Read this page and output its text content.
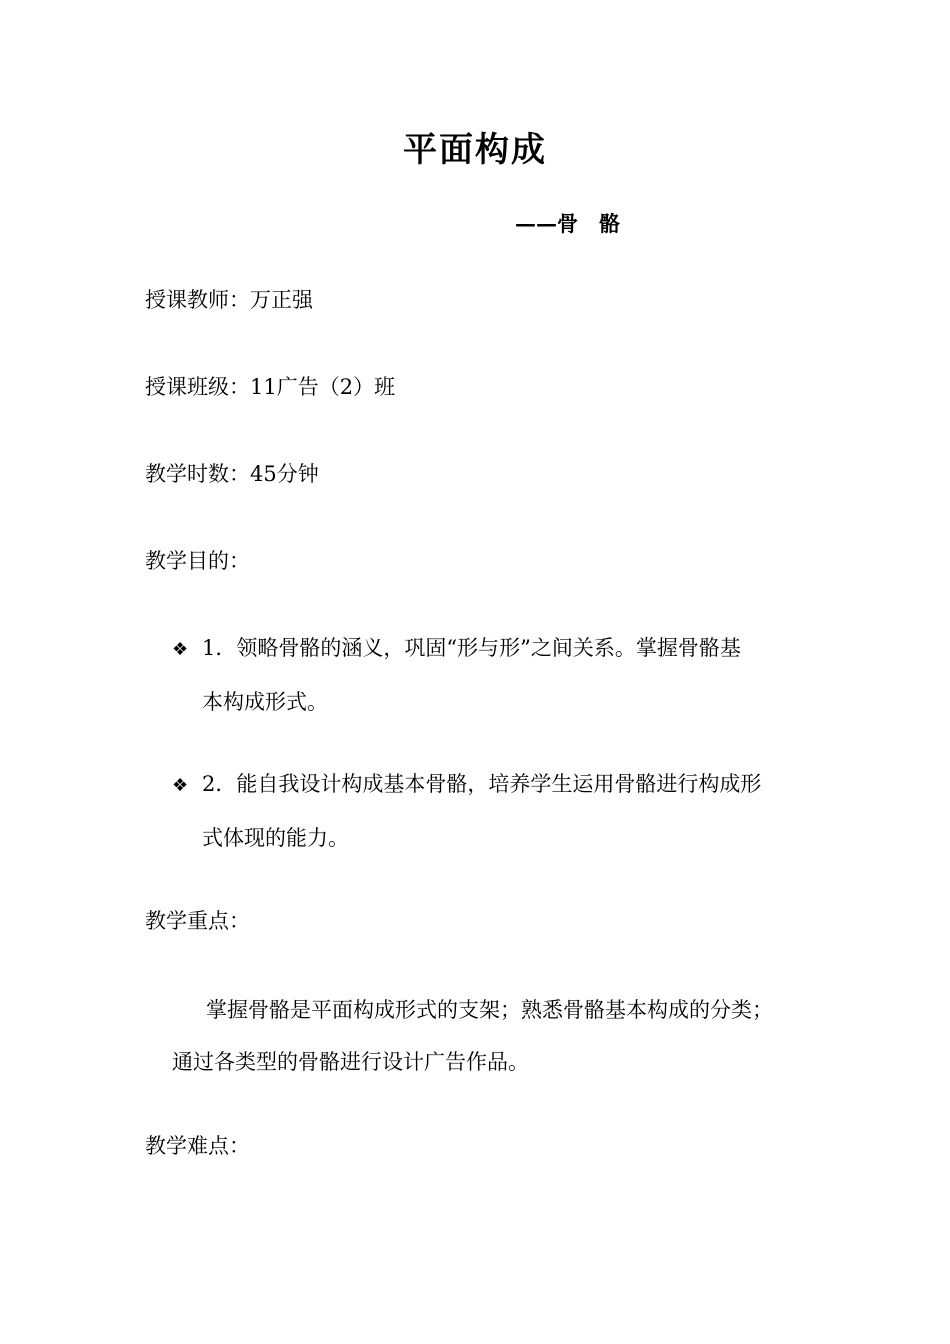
平面构成
——骨　骼
授课教师：万正强
授课班级：11广告（2）班
教学时数：45分钟
教学目的：
❖ 1．领略骨骼的涵义，巩固“形与形”之间关系。掌握骨骼基
本构成形式。
❖ 2．能自我设计构成基本骨骼，培养学生运用骨骼进行构成形
式体现的能力。
教学重点：
掌握骨骼是平面构成形式的支架；熟悉骨骼基本构成的分类；
通过各类型的骨骼进行设计广告作品。
教学难点：
